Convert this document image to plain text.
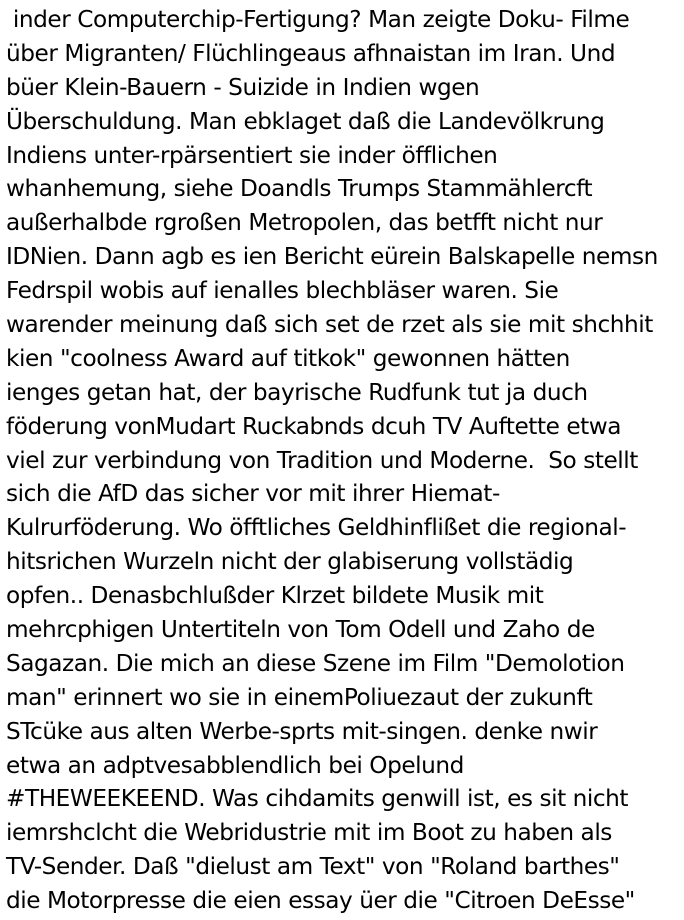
inder Computerchip-Fertigung? Man zeigte Doku- Filme
über Migranten/ Flüchlingeaus afhnaistan im Iran. Und
büer Klein-Bauern - Suizide in Indien wgen
Überschuldung. Man ebklaget daß die Landevölkrung
Indiens unter-rpärsentiert sie inder öfflichen
whanhemung, siehe Doandls Trumps Stammählercft
außerhalbde rgroßen Metropolen, das betfft nicht nur
IDNien. Dann agb es ien Bericht eürein Balskapelle nemsn
Fedrspil wobis auf ienalles blechbläser waren. Sie
warender meinung daß sich set de rzet als sie mit shchhit
kien "coolness Award auf titkok" gewonnen hätten
ienges getan hat, der bayrische Rudfunk tut ja duch
föderung vonMudart Ruckabnds dcuh TV Auftette etwa
viel zur verbindung von Tradition und Moderne.  So stellt
sich die AfD das sicher vor mit ihrer Hiemat-
Kulrurföderung. Wo öfftliches Geldhinflißet die regional-
hitsrichen Wurzeln nicht der glabiserung vollstädig
opfen.. Denasbchlußder Klrzet bildete Musik mit
mehrcphigen Untertiteln von Tom Odell und Zaho de
Sagazan. Die mich an diese Szene im Film "Demolotion
man" erinnert wo sie in einemPoliuezaut der zukunft
STcüke aus alten Werbe-sprts mit-singen. denke nwir
etwa an adptvesabblendlich bei Opelund
#THEWEEKEEND. Was cihdamits genwill ist, es sit nicht
iemrshclcht die Webridustrie mit im Boot zu haben als
TV-Sender. Daß "dielust am Text" von "Roland barthes"
die Motorpresse die eien essay üer die "Citroen DeEsse"
